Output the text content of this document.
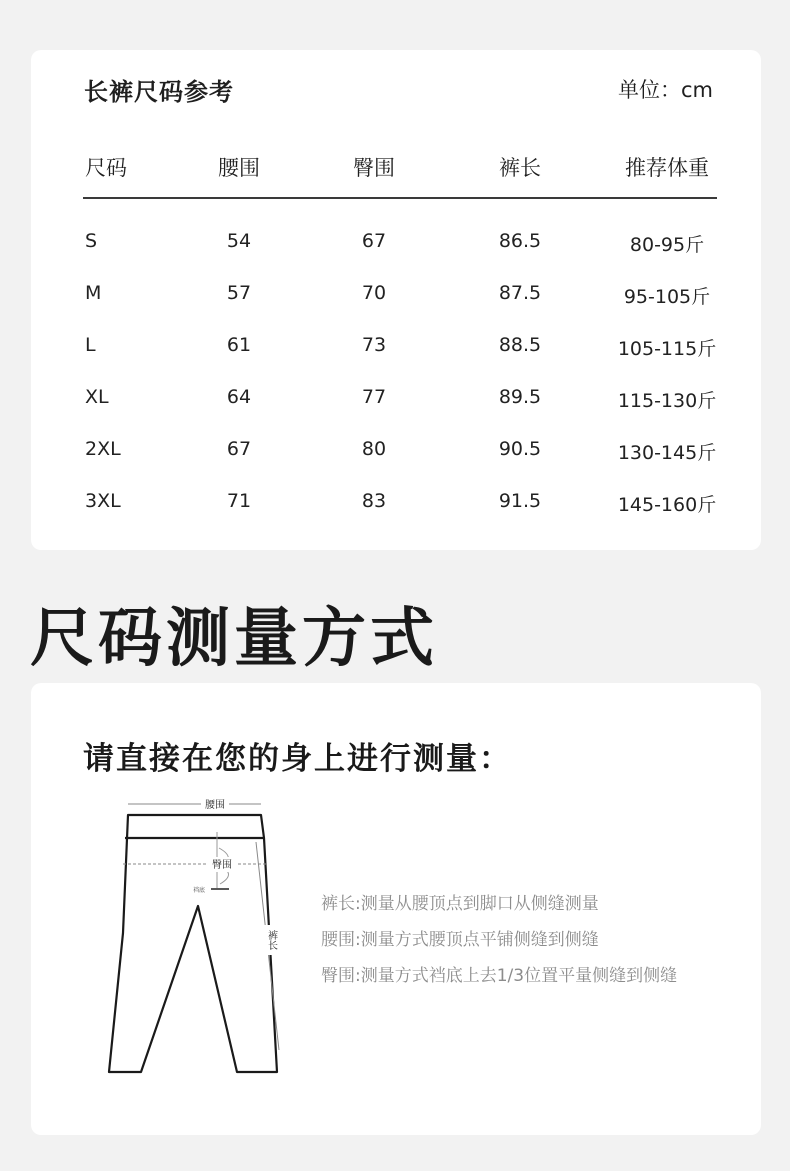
长裤尺码参考	单位：cm
尺码	腰围	臀围	裤长	推荐体重
S	54	67	86.5	80-95斤
M	57	70	87.5	95-105斤
L	61	73	88.5	105-115斤
XL	64	77	89.5	115-130斤
2XL	67	80	90.5	130-145斤
3XL	71	83	91.5	145-160斤
尺码测量方式
请直接在您的身上进行测量：
腰围
臀围
裆底
裤长
裤长:测量从腰顶点到脚口从侧缝测量
腰围:测量方式腰顶点平铺侧缝到侧缝
臀围:测量方式裆底上去1/3位置平量侧缝到侧缝
